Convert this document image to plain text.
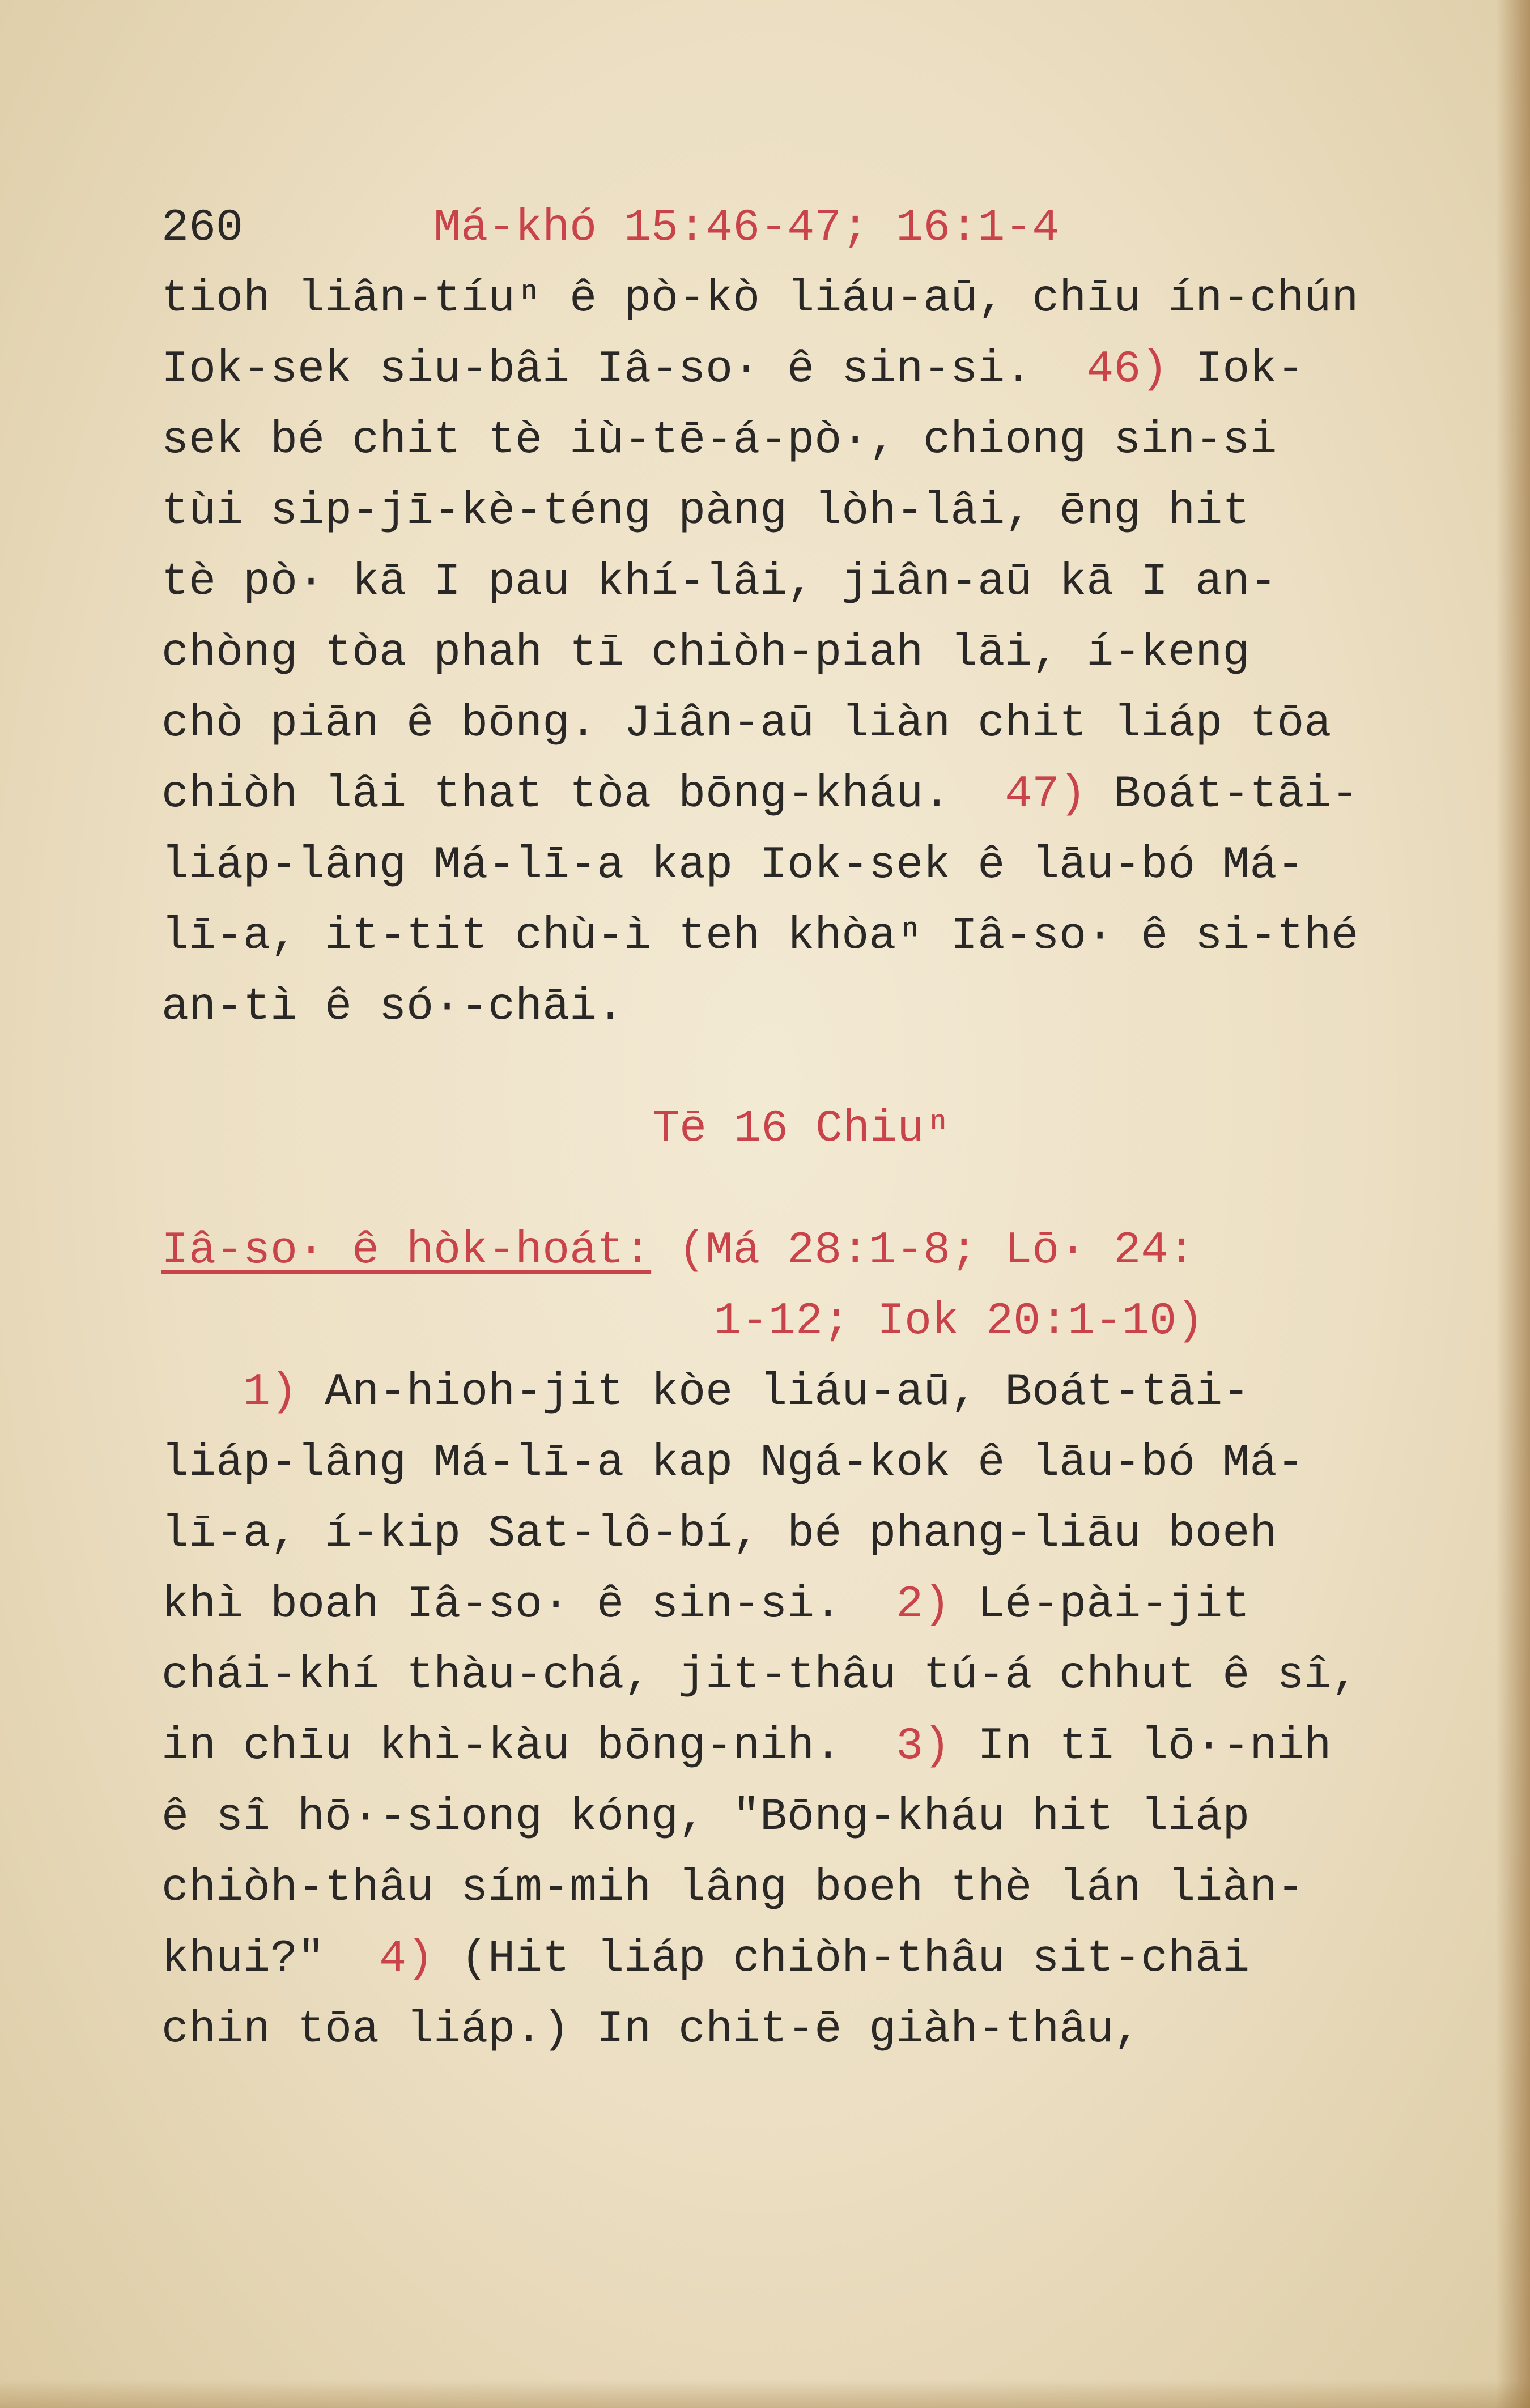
260	Má-khó 15:46-47; 16:1-4
tioh liân-tíuⁿ ê pò-kò liáu-aū, chīu ín-chún
Iok-sek siu-bâi Iâ-so· ê sin-si.  46) Iok-
sek bé chit tè iù-tē-á-pò·, chiong sin-si
tùi sip-jī-kè-téng pàng lòh-lâi, ēng hit
tè pò· kā I pau khí-lâi, jiân-aū kā I an-
chòng tòa phah tī chiòh-piah lāi, í-keng
chò piān ê bōng. Jiân-aū liàn chit liáp tōa
chiòh lâi that tòa bōng-kháu.  47) Boát-tāi-
liáp-lâng Má-lī-a kap Iok-sek ê lāu-bó Má-
lī-a, it-tit chù-ì teh khòaⁿ Iâ-so· ê si-thé
an-tì ê só·-chāi.
Tē 16 Chiuⁿ
Iâ-so· ê hòk-hoát: (Má 28:1-8; Lō· 24:
1-12; Iok 20:1-10)
1) An-hioh-jit kòe liáu-aū, Boát-tāi-
liáp-lâng Má-lī-a kap Ngá-kok ê lāu-bó Má-
lī-a, í-kip Sat-lô-bí, bé phang-liāu boeh
khì boah Iâ-so· ê sin-si.  2) Lé-pài-jit
chái-khí thàu-chá, jit-thâu tú-á chhut ê sî,
in chīu khì-kàu bōng-nih.  3) In tī lō·-nih
ê sî hō·-siong kóng, "Bōng-kháu hit liáp
chiòh-thâu sím-mih lâng boeh thè lán liàn-
khui?"  4) (Hit liáp chiòh-thâu sit-chāi
chin tōa liáp.) In chit-ē giàh-thâu,
